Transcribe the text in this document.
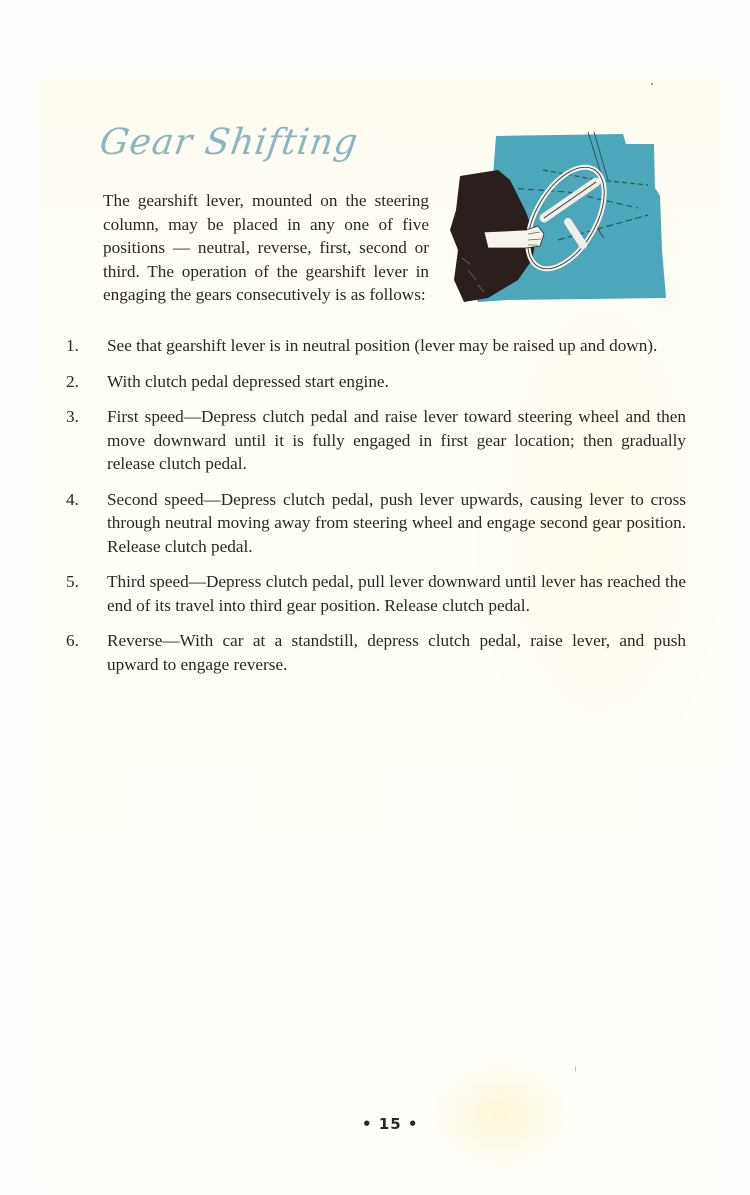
Gear Shifting

The gearshift lever, mounted on the steering column, may be placed in any one of five positions — neutral, reverse, first, second or third. The operation of the gearshift lever in engaging the gears consecutively is as follows:

1.	See that gearshift lever is in neutral position (lever may be raised up and down).
2.	With clutch pedal depressed start engine.
3.	First speed—Depress clutch pedal and raise lever toward steering wheel and then move downward until it is fully engaged in first gear location; then gradually release clutch pedal.
4.	Second speed—Depress clutch pedal, push lever upwards, causing lever to cross through neutral moving away from steering wheel and engage second gear position. Release clutch pedal.
5.	Third speed—Depress clutch pedal, pull lever downward until lever has reached the end of its travel into third gear position. Release clutch pedal.
6.	Reverse—With car at a standstill, depress clutch pedal, raise lever, and push upward to engage reverse.
• 15 •
